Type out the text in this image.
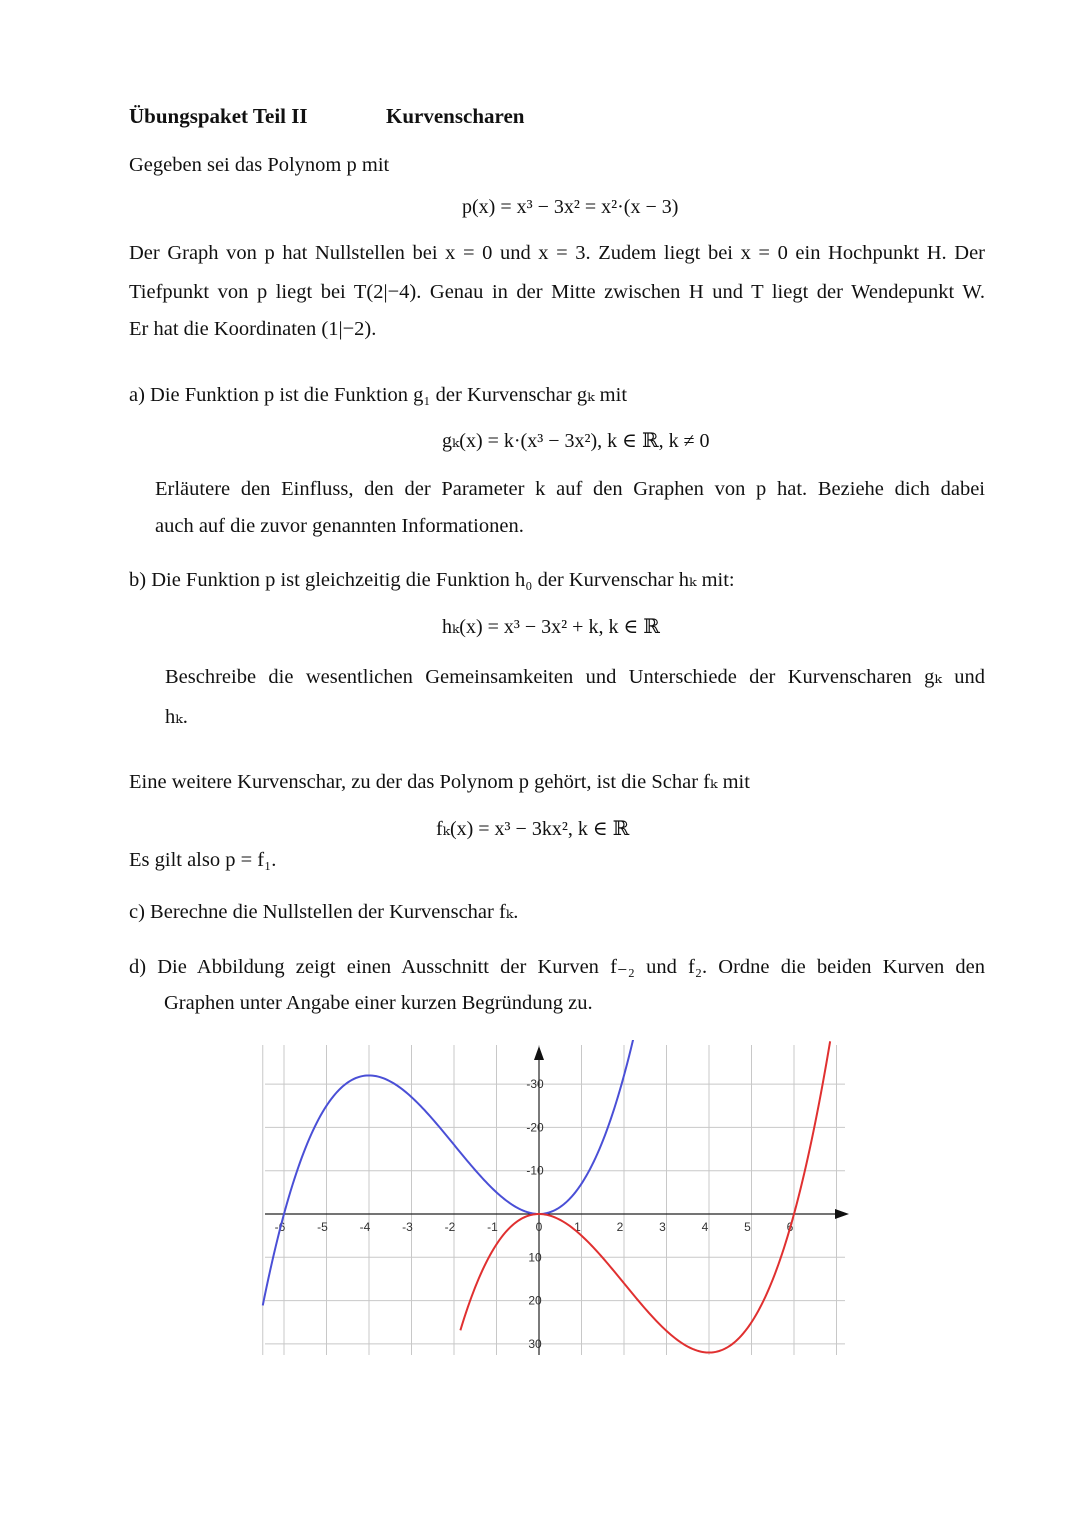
Übungspaket Teil II	Kurvenscharen
Gegeben sei das Polynom p mit
p(x) = x³ − 3x² = x²·(x − 3)
Der Graph von p hat Nullstellen bei x = 0 und x = 3. Zudem liegt bei x = 0 ein Hochpunkt H. Der
Tiefpunkt von p liegt bei T(2|−4). Genau in der Mitte zwischen H und T liegt der Wendepunkt W.
Er hat die Koordinaten (1|−2).
a) Die Funktion p ist die Funktion g₁ der Kurvenschar gₖ mit
gₖ(x) = k·(x³ − 3x²), k ∈ ℝ, k ≠ 0
Erläutere den Einfluss, den der Parameter k auf den Graphen von p hat. Beziehe dich dabei
auch auf die zuvor genannten Informationen.
b) Die Funktion p ist gleichzeitig die Funktion h₀ der Kurvenschar hₖ mit:
hₖ(x) = x³ − 3x² + k, k ∈ ℝ
Beschreibe die wesentlichen Gemeinsamkeiten und Unterschiede der Kurvenscharen gₖ und
hₖ.
Eine weitere Kurvenschar, zu der das Polynom p gehört, ist die Schar fₖ mit
fₖ(x) = x³ − 3kx², k ∈ ℝ
Es gilt also p = f₁.
c) Berechne die Nullstellen der Kurvenschar fₖ.
d) Die Abbildung zeigt einen Ausschnitt der Kurven f₋₂ und f₂. Ordne die beiden Kurven den
Graphen unter Angabe einer kurzen Begründung zu.
-6	-5	-4	-3	-2	-1	0	1	2	3	4	5	6
30
20
10
-10
-20
-30
